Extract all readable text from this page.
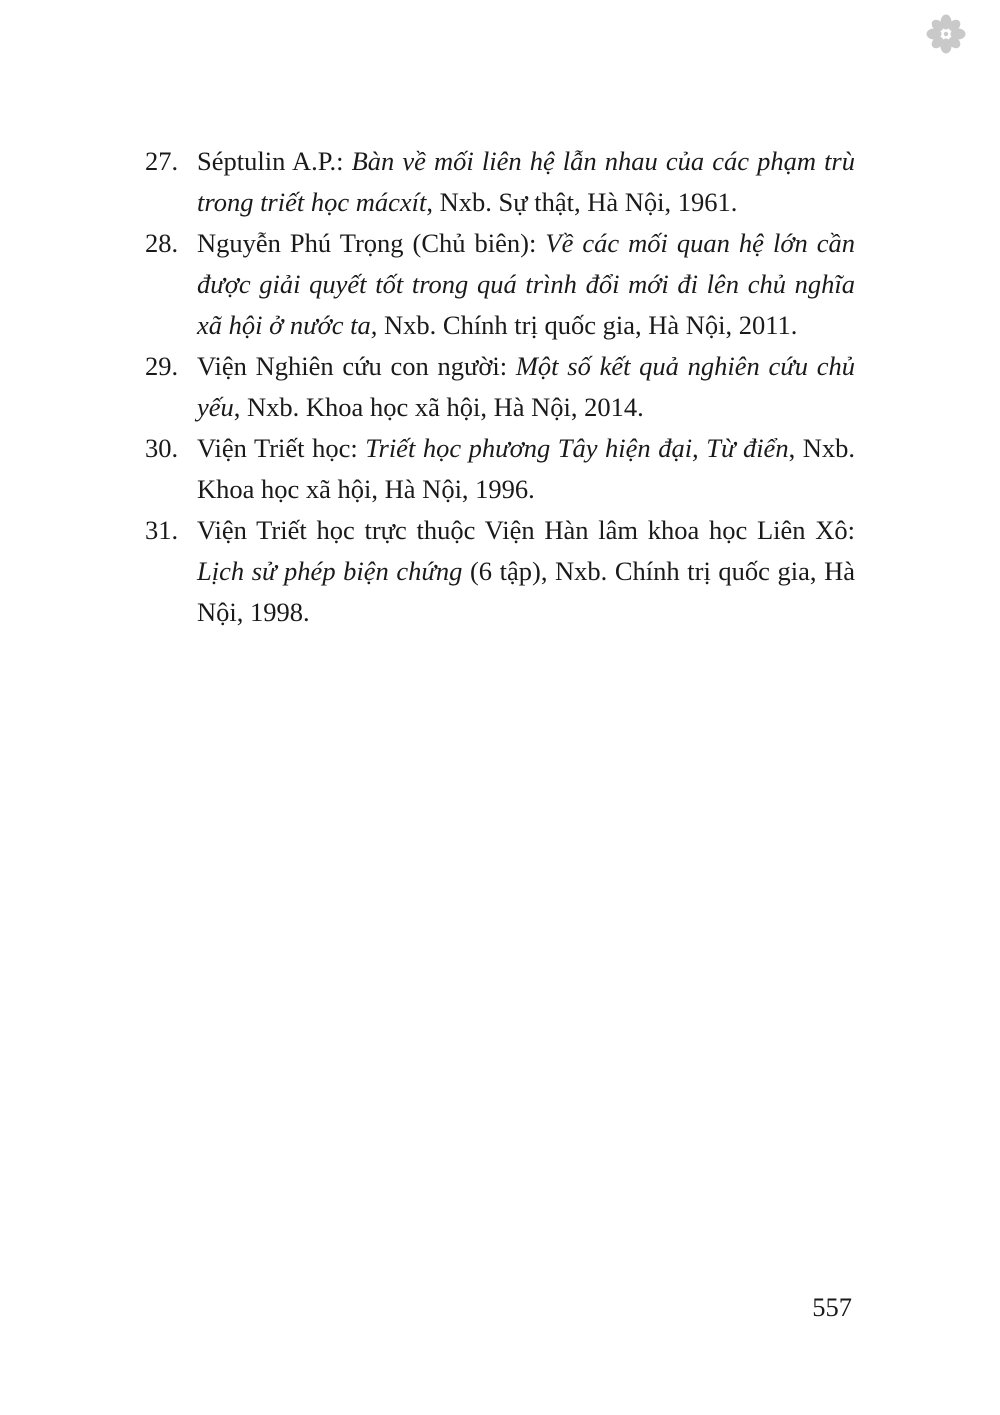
27. Séptulin A.P.: Bàn về mối liên hệ lẫn nhau của các phạm trù trong triết học mácxít, Nxb. Sự thật, Hà Nội, 1961.
28. Nguyễn Phú Trọng (Chủ biên): Về các mối quan hệ lớn cần được giải quyết tốt trong quá trình đổi mới đi lên chủ nghĩa xã hội ở nước ta, Nxb. Chính trị quốc gia, Hà Nội, 2011.
29. Viện Nghiên cứu con người: Một số kết quả nghiên cứu chủ yếu, Nxb. Khoa học xã hội, Hà Nội, 2014.
30. Viện Triết học: Triết học phương Tây hiện đại, Từ điển, Nxb. Khoa học xã hội, Hà Nội, 1996.
31. Viện Triết học trực thuộc Viện Hàn lâm khoa học Liên Xô: Lịch sử phép biện chứng (6 tập), Nxb. Chính trị quốc gia, Hà Nội, 1998.
557
